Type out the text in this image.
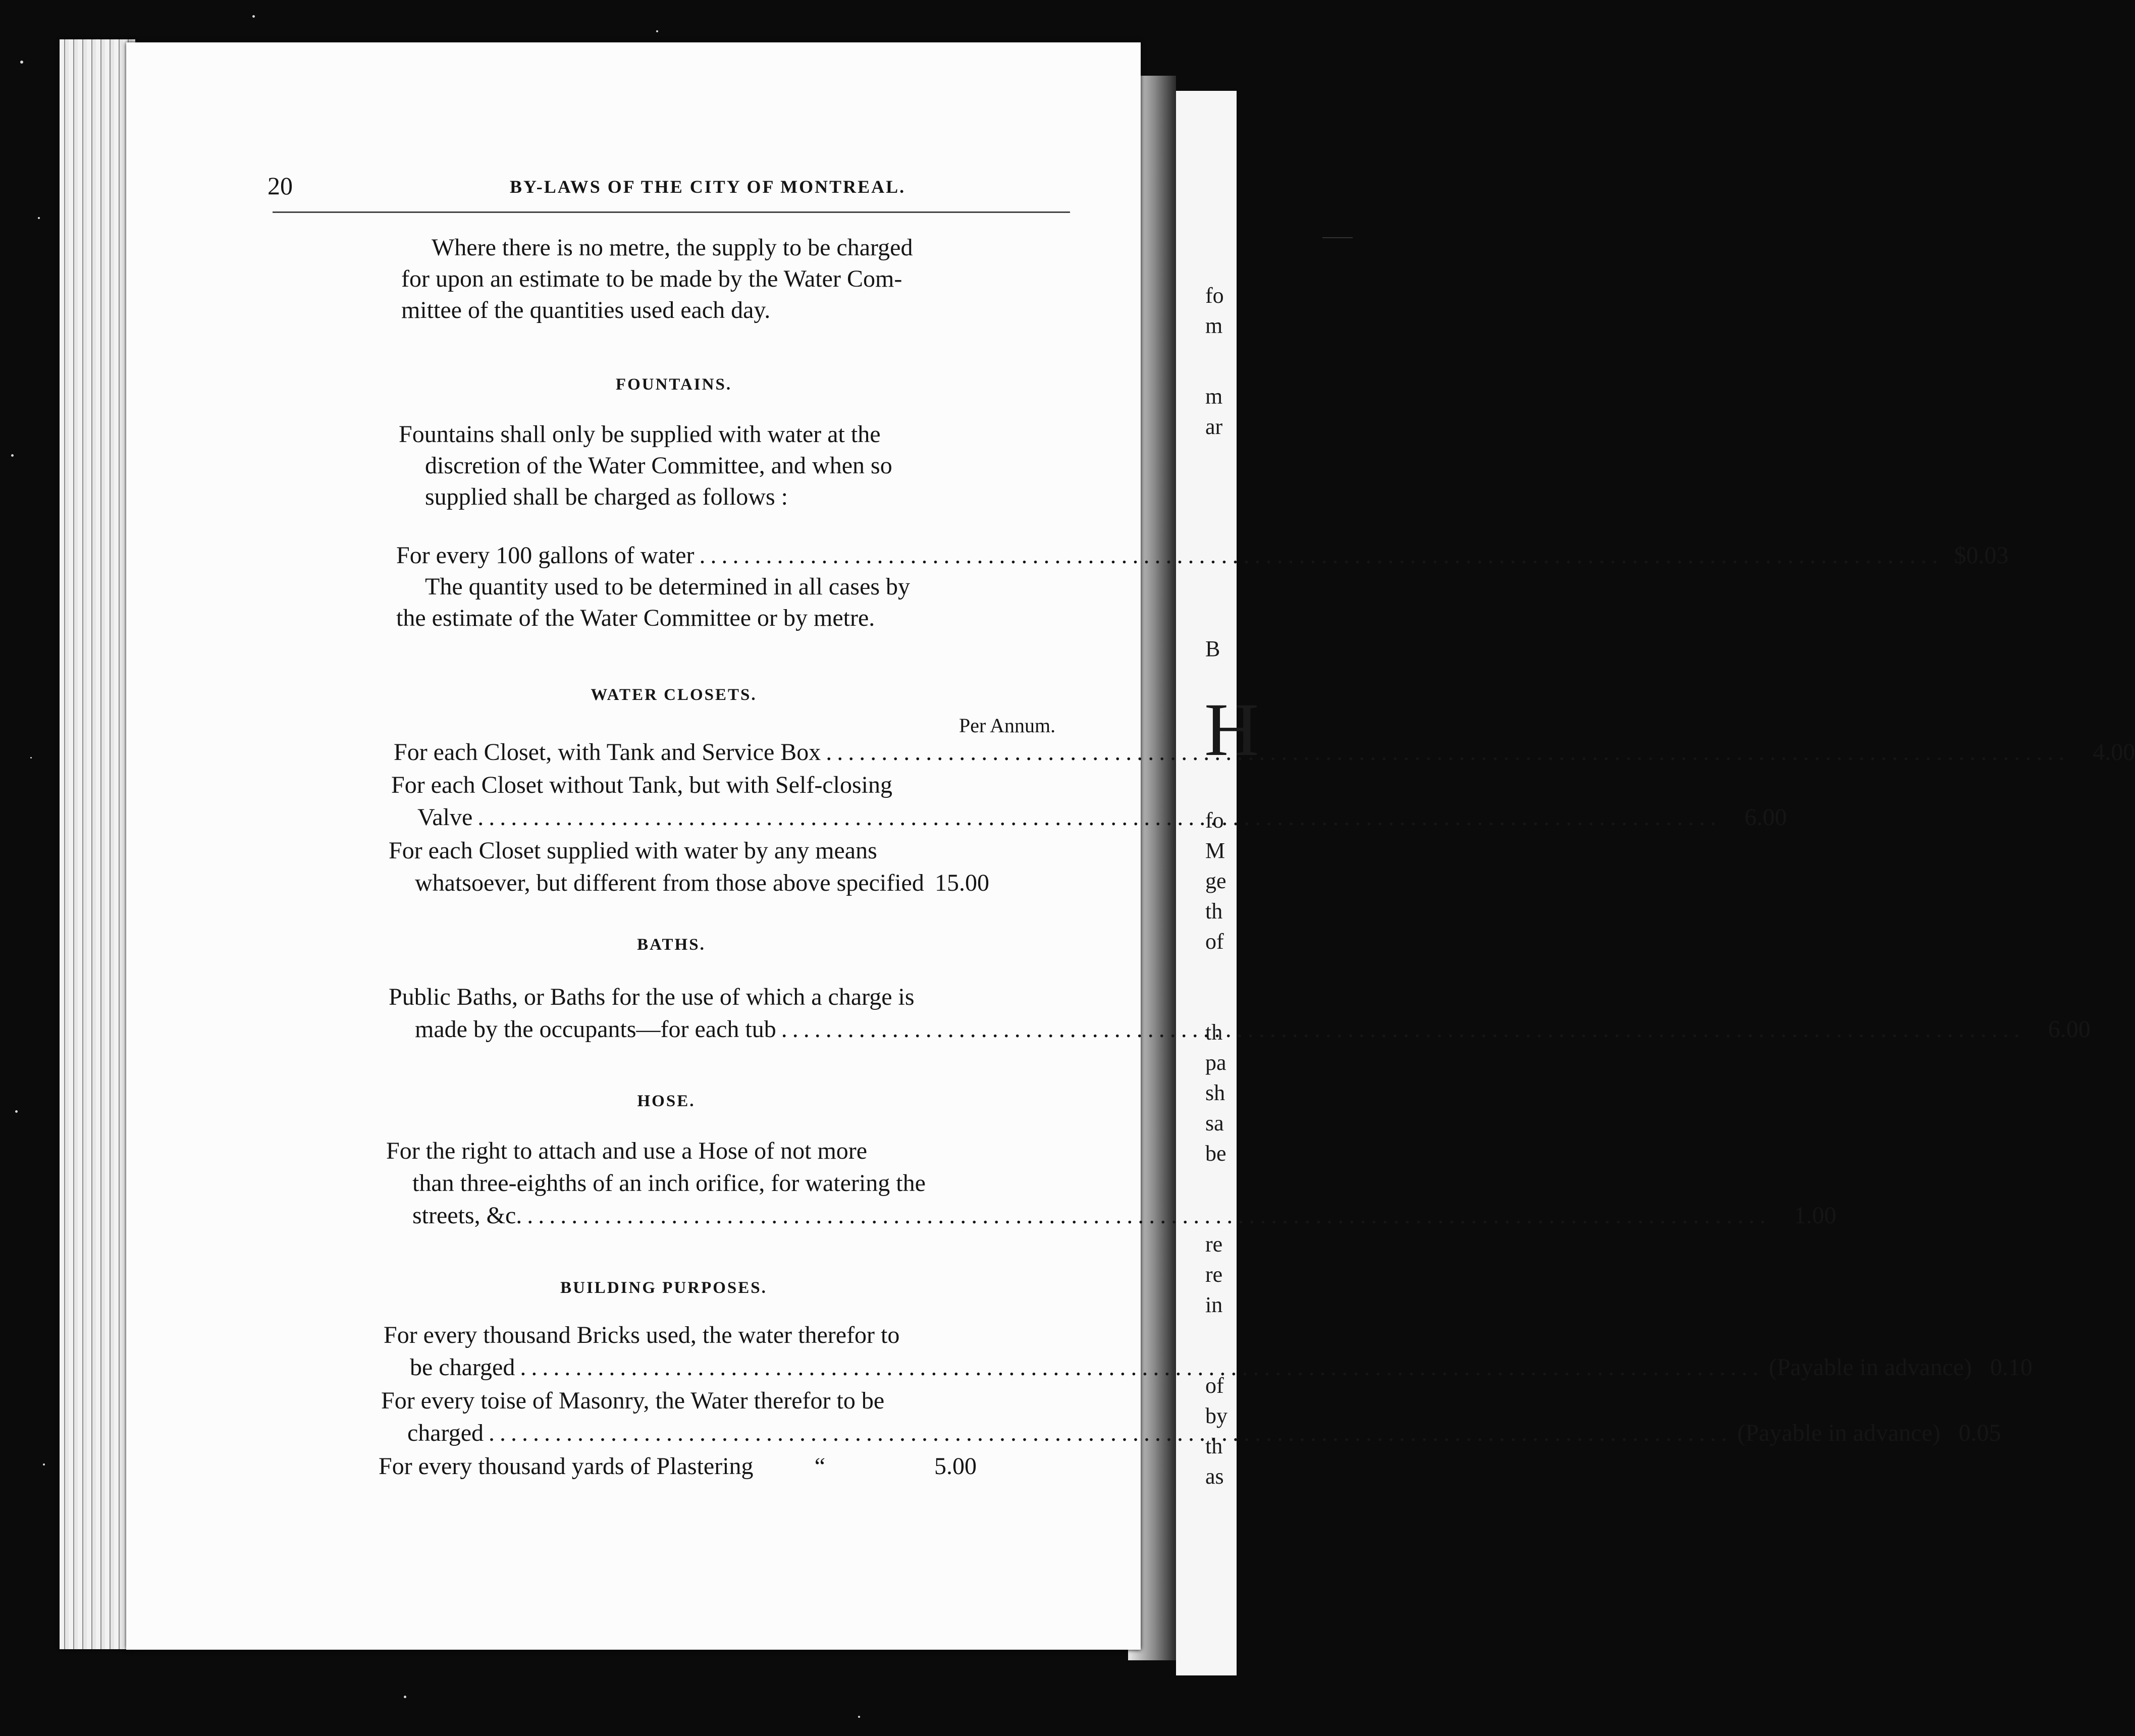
fo
m
m
ar
B
H
fo
M
ge
th
of
th
pa
sh
sa
be
re
re
in
of
by
th
as
20	BY-LAWS OF THE CITY OF MONTREAL.
Where there is no metre, the supply to be charged
for upon an estimate to be made by the Water Com-
mittee of the quantities used each day.
FOUNTAINS.
Fountains shall only be supplied with water at the
discretion of the Water Committee, and when so
supplied shall be charged as follows :
For every 100 gallons of water .....	$0.03
The quantity used to be determined in all cases by
the estimate of the Water Committee or by metre.
WATER CLOSETS.
Per Annum.
For each Closet, with Tank and Service Box .....	4.00
For each Closet without Tank, but with Self-closing
Valve .....	6.00
For each Closet supplied with water by any means
whatsoever, but different from those above specified 15.00
BATHS.
Public Baths, or Baths for the use of which a charge is
made by the occupants—for each tub .....	6.00
HOSE.
For the right to attach and use a Hose of not more
than three-eighths of an inch orifice, for watering the
streets, &c. .....	1.00
BUILDING PURPOSES.
For every thousand Bricks used, the water therefor to
be charged .....	(Payable in advance) 0.10
For every toise of Masonry, the Water therefor to be
charged .....	(Payable in advance) 0.05
For every thousand yards of Plastering	“	5.00
